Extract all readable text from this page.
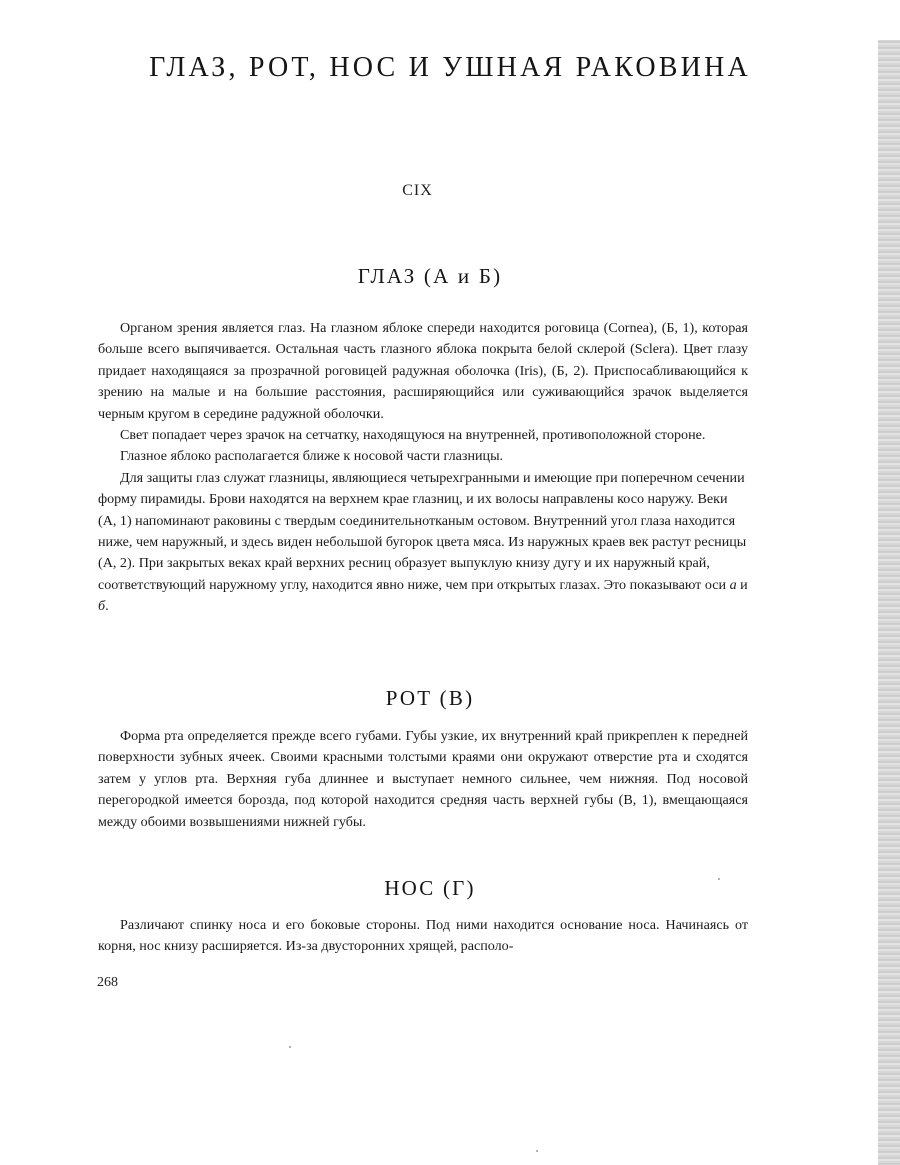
ГЛАЗ, РОТ, НОС И УШНАЯ РАКОВИНА
CIX
ГЛАЗ (А и Б)

Органом зрения является глаз. На глазном яблоке спереди находится роговица (Cornea), (Б, 1), которая больше всего выпячивается. Остальная часть глазного яблока покрыта белой склерой (Sclera). Цвет глазу придает находящаяся за прозрачной роговицей радужная оболочка (Iris), (Б, 2). Приспосабливающийся к зрению на малые и на большие расстояния, расширяющийся или суживающийся зрачок выделяется черным кругом в середине радужной оболочки.

Свет попадает через зрачок на сетчатку, находящуюся на внутренней, противоположной стороне.

Глазное яблоко располагается ближе к носовой части глазницы.

Для защиты глаз служат глазницы, являющиеся четырехгранными и имеющие при поперечном сечении форму пирамиды. Брови находятся на верхнем крае глазниц, и их волосы направлены косо наружу. Веки (А, 1) напоминают раковины с твердым соединительнотканым остовом. Внутренний угол глаза находится ниже, чем наружный, и здесь виден небольшой бугорок цвета мяса. Из наружных краев век растут ресницы (А, 2). При закрытых веках край верхних ресниц образует выпуклую книзу дугу и их наружный край, соответствующий наружному углу, находится явно ниже, чем при открытых глазах. Это показывают оси а и б.

РОТ (В)

Форма рта определяется прежде всего губами. Губы узкие, их внутренний край прикреплен к передней поверхности зубных ячеек. Своими красными толстыми краями они окружают отверстие рта и сходятся затем у углов рта. Верхняя губа длиннее и выступает немного сильнее, чем нижняя. Под носовой перегородкой имеется борозда, под которой находится средняя часть верхней губы (В, 1), вмещающаяся между обоими возвышениями нижней губы.

НОС (Г)

Различают спинку носа и его боковые стороны. Под ними находится основание носа. Начинаясь от корня, нос книзу расширяется. Из-за двусторонних хрящей, располо-

268
